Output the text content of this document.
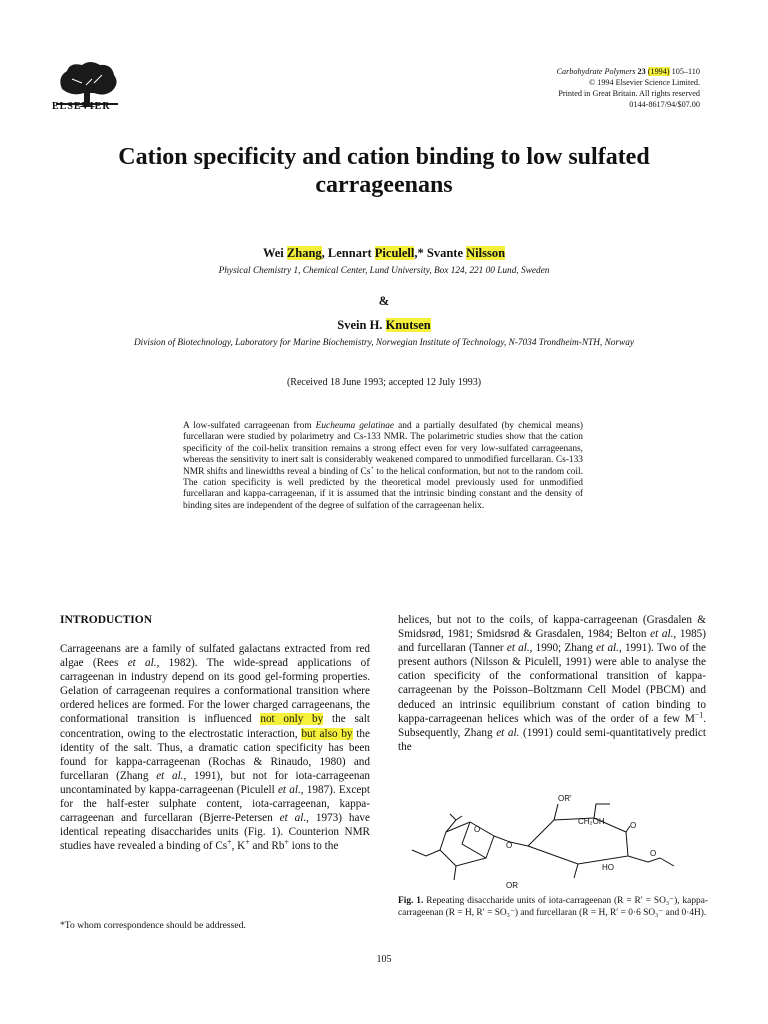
ELSEVIER
Carbohydrate Polymers 23 (1994) 105–110
© 1994 Elsevier Science Limited.
Printed in Great Britain. All rights reserved
0144-8617/94/$07.00
Cation specificity and cation binding to low sulfated carrageenans
Wei Zhang, Lennart Piculell,* Svante Nilsson
Physical Chemistry 1, Chemical Center, Lund University, Box 124, 221 00 Lund, Sweden
&
Svein H. Knutsen
Division of Biotechnology, Laboratory for Marine Biochemistry, Norwegian Institute of Technology, N-7034 Trondheim-NTH, Norway
(Received 18 June 1993; accepted 12 July 1993)
A low-sulfated carrageenan from Eucheuma gelatinae and a partially desulfated (by chemical means) furcellaran were studied by polarimetry and Cs-133 NMR. The polarimetric studies show that the cation specificity of the coil-helix transition remains a strong effect even for very low-sulfated carrageenans, whereas the sensitivity to inert salt is considerably weakened compared to unmodified furcellaran. Cs-133 NMR shifts and linewidths reveal a binding of Cs+ to the helical conformation, but not to the random coil. The cation specificity is well predicted by the theoretical model previously used for unmodified furcellaran and kappa-carrageenan, if it is assumed that the intrinsic binding constant and the density of binding sites are independent of the degree of sulfation of the carrageenan helix.
INTRODUCTION
Carrageenans are a family of sulfated galactans extracted from red algae (Rees et al., 1982). The wide-spread applications of carrageenan in industry depend on its good gel-forming properties. Gelation of carrageenan requires a conformational transition where ordered helices are formed. For the lower charged carrageenans, the conformational transition is influenced not only by the salt concentration, owing to the electrostatic interaction, but also by the identity of the salt. Thus, a dramatic cation specificity has been found for kappa-carrageenan (Rochas & Rinaudo, 1980) and furcellaran (Zhang et al., 1991), but not for iota-carrageenan uncontaminated by kappa-carrageenan (Piculell et al., 1987). Except for the half-ester sulphate content, iota-carrageenan, kappa-carrageenan and furcellaran (Bjerre-Petersen et al., 1973) have identical repeating disaccharides units (Fig. 1). Counterion NMR studies have revealed a binding of Cs+, K+ and Rb+ ions to the
*To whom correspondence should be addressed.
helices, but not to the coils, of kappa-carrageenan (Grasdalen & Smidsrød, 1981; Smidsrød & Grasdalen, 1984; Belton et al., 1985) and furcellaran (Tanner et al., 1990; Zhang et al., 1991). Two of the present authors (Nilsson & Piculell, 1991) were able to analyse the cation specificity of the conformational transition of kappa-carrageenan by the Poisson–Boltzmann Cell Model (PBCM) and deduced an intrinsic equilibrium constant of cation binding to kappa-carrageenan helices which was of the order of a few $M^{-1}$. Subsequently, Zhang et al. (1991) could semi-quantitatively predict the
OR'
CH₂OH	O
O
O
O
HO
OR
Fig. 1. Repeating disaccharide units of iota-carrageenan (R = R′ = SO₃⁻), kappa-carrageenan (R = H, R′ = SO₃⁻) and furcellaran (R = H, R′ = 0·6 SO₃⁻ and 0·4H).
105
